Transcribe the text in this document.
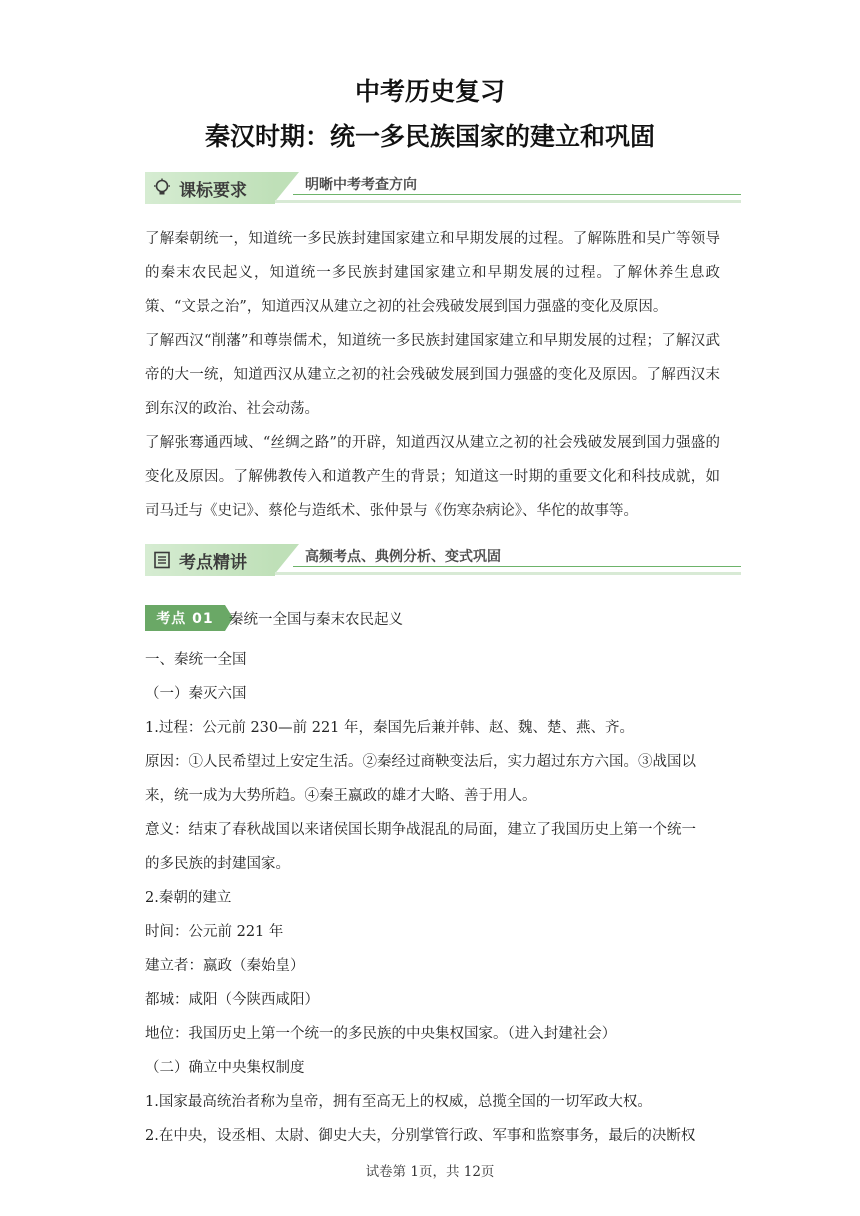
中考历史复习
秦汉时期：统一多民族国家的建立和巩固
课标要求	明晰中考考查方向

了解秦朝统一，知道统一多民族封建国家建立和早期发展的过程。了解陈胜和吴广等领导的秦末农民起义，知道统一多民族封建国家建立和早期发展的过程。了解休养生息政策、“文景之治”，知道西汉从建立之初的社会残破发展到国力强盛的变化及原因。

了解西汉“削藩”和尊崇儒术，知道统一多民族封建国家建立和早期发展的过程；了解汉武帝的大一统，知道西汉从建立之初的社会残破发展到国力强盛的变化及原因。了解西汉末到东汉的政治、社会动荡。

了解张骞通西域、“丝绸之路”的开辟，知道西汉从建立之初的社会残破发展到国力强盛的变化及原因。了解佛教传入和道教产生的背景；知道这一时期的重要文化和科技成就，如司马迁与《史记》、蔡伦与造纸术、张仲景与《伤寒杂病论》、华佗的故事等。

考点精讲	高频考点、典例分析、变式巩固
考点 01	秦统一全国与秦末农民起义
一、秦统一全国
（一）秦灭六国
1.过程：公元前 230—前 221 年，秦国先后兼并韩、赵、魏、楚、燕、齐。
原因：①人民希望过上安定生活。②秦经过商鞅变法后，实力超过东方六国。③战国以
来，统一成为大势所趋。④秦王嬴政的雄才大略、善于用人。
意义：结束了春秋战国以来诸侯国长期争战混乱的局面，建立了我国历史上第一个统一
的多民族的封建国家。
2.秦朝的建立
时间：公元前 221 年
建立者：嬴政（秦始皇）
都城：咸阳（今陕西咸阳）
地位：我国历史上第一个统一的多民族的中央集权国家。（进入封建社会）
（二）确立中央集权制度
1.国家最高统治者称为皇帝，拥有至高无上的权威，总揽全国的一切军政大权。
2.在中央，设丞相、太尉、御史大夫，分别掌管行政、军事和监察事务，最后的决断权
试卷第 1页，共 12页
